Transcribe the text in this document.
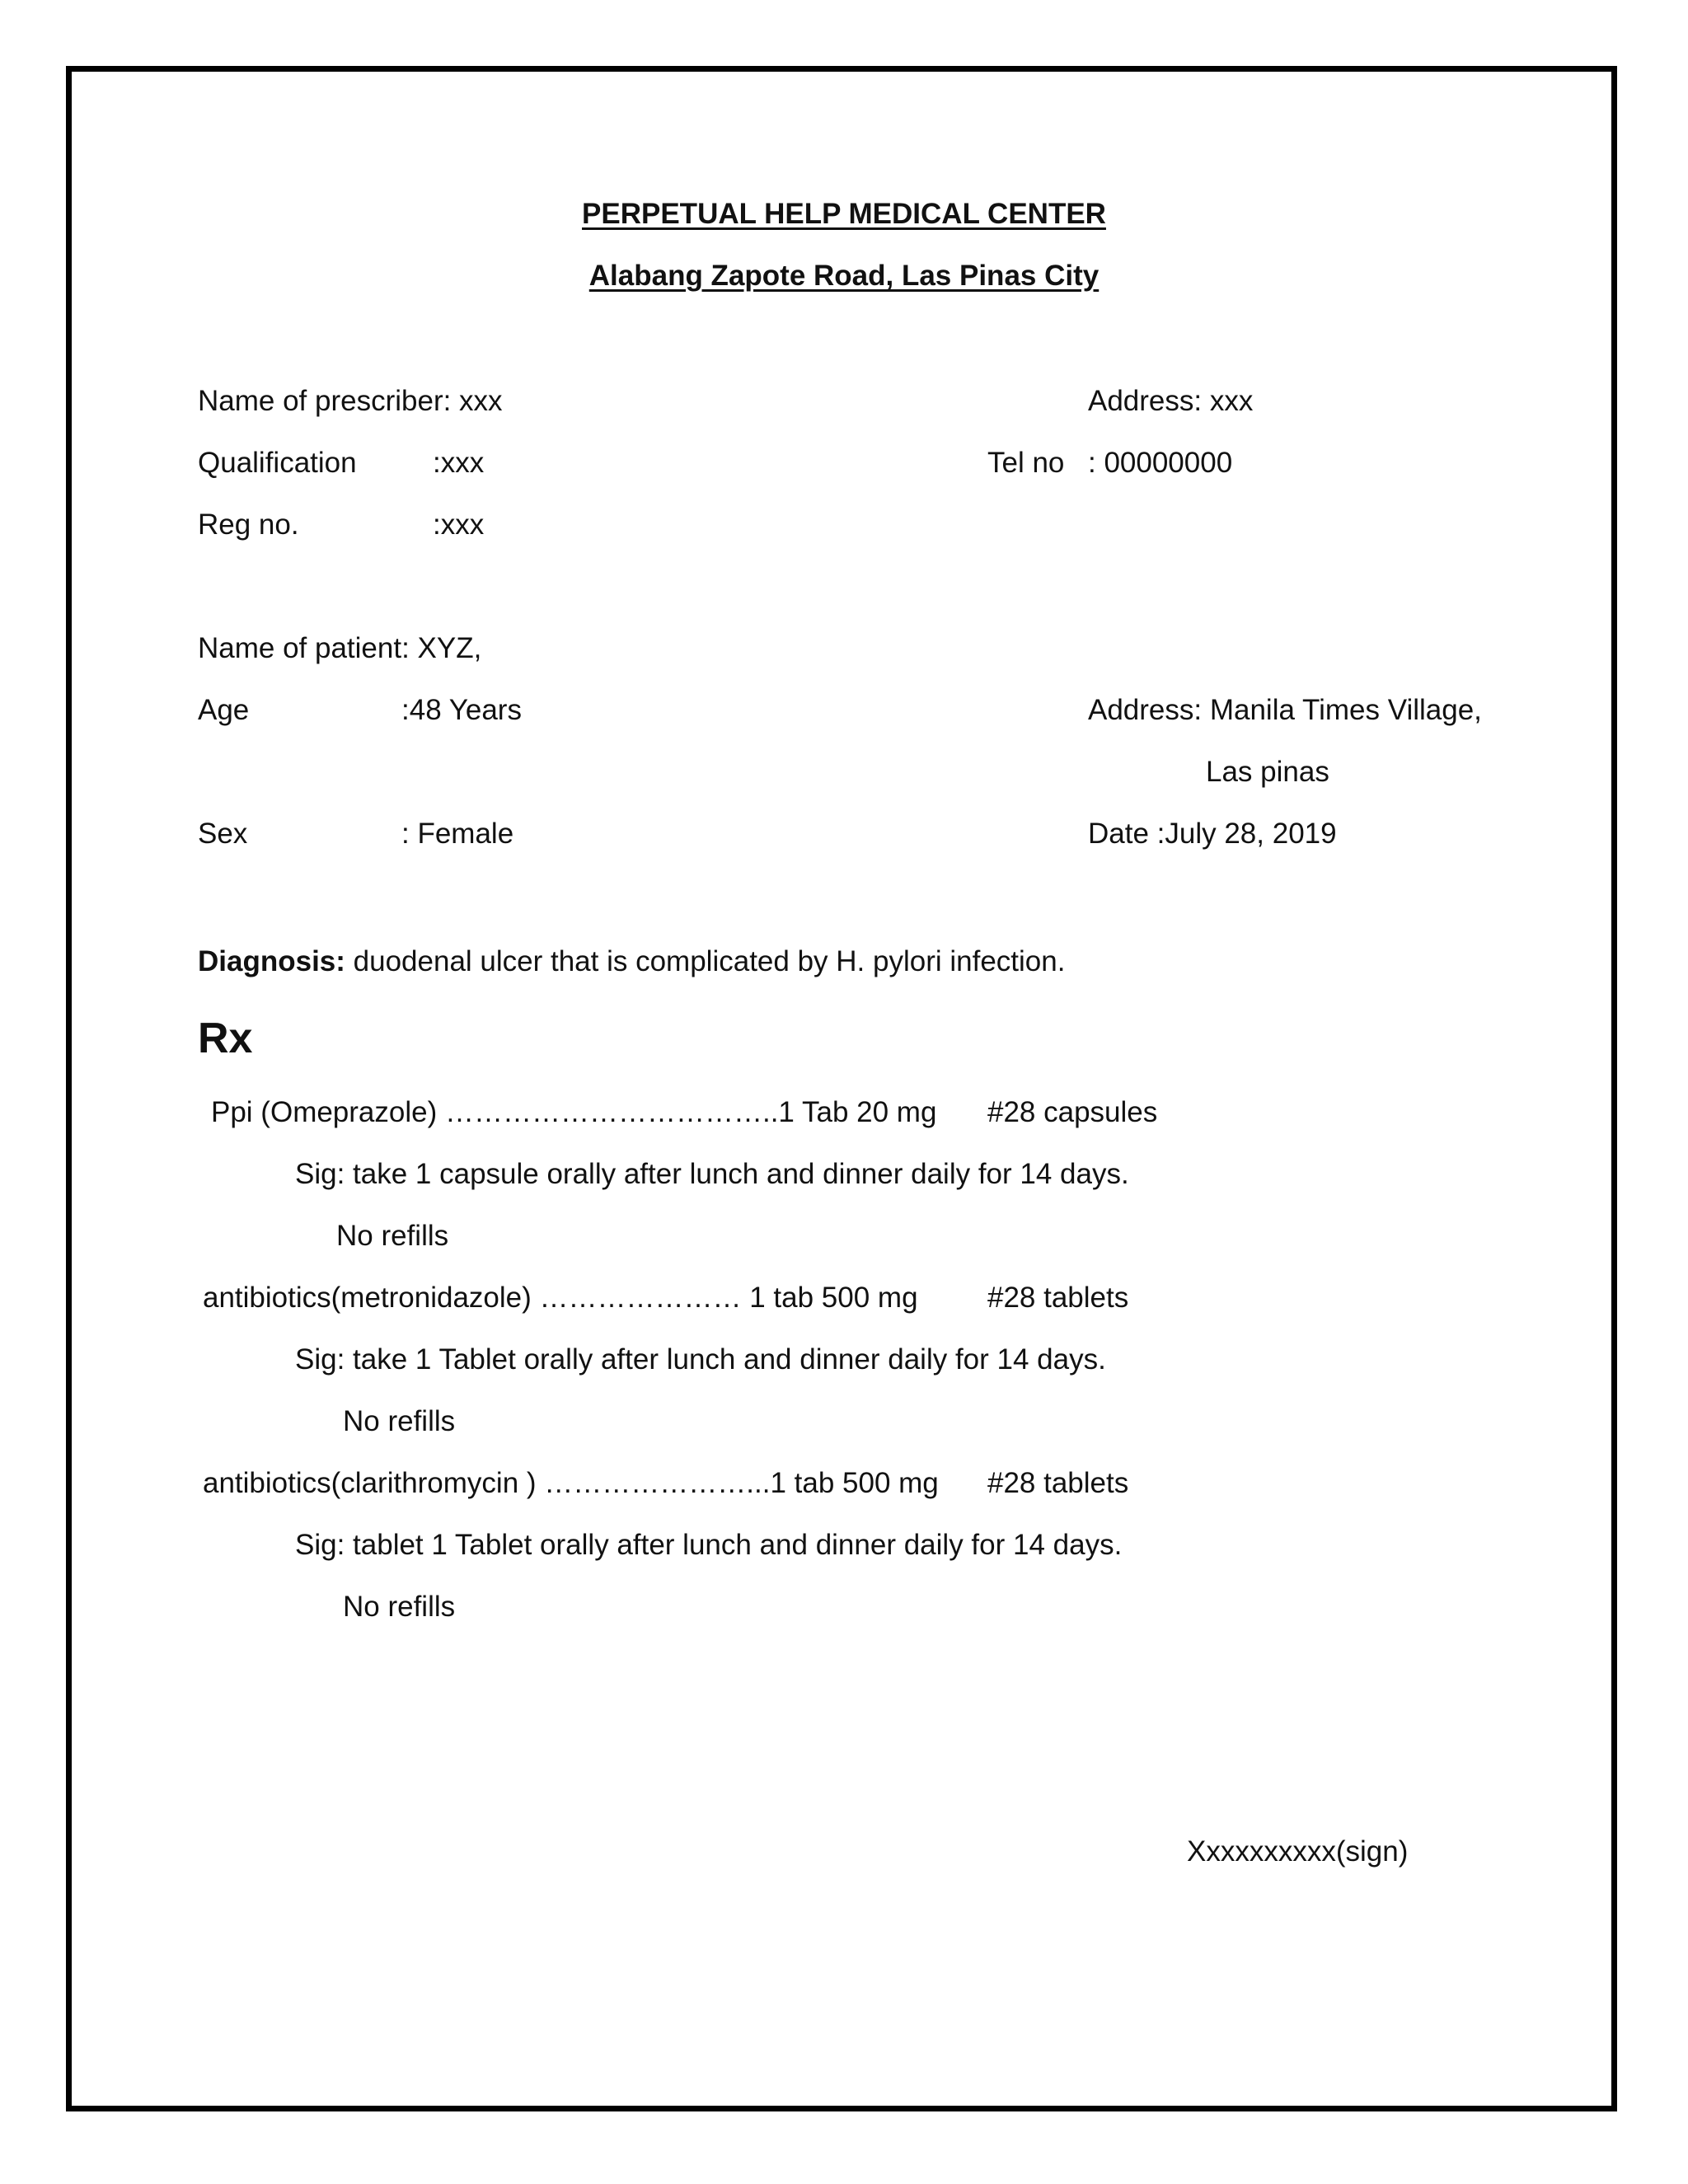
PERPETUAL HELP MEDICAL CENTER
Alabang Zapote Road, Las Pinas City
Name of prescriber: xxx	Address: xxx
Qualification	:xxx	Tel no : 00000000
Reg no.	:xxx
Name of patient: XYZ,
Age	:48 Years	Address: Manila Times Village,
Las pinas
Sex	: Female	Date :July 28, 2019
Diagnosis: duodenal ulcer that is complicated by H. pylori infection.
Rx
Ppi (Omeprazole) ……………………………..1 Tab 20 mg #28 capsules
Sig: take 1 capsule orally after lunch and dinner daily for 14 days.
No refills
antibiotics(metronidazole) ………………… 1 tab 500 mg #28 tablets
Sig: take 1 Tablet orally after lunch and dinner daily for 14 days.
No refills
antibiotics(clarithromycin ) …………………...1 tab 500 mg #28 tablets
Sig: tablet 1 Tablet orally after lunch and dinner daily for 14 days.
No refills
Xxxxxxxxxx(sign)
